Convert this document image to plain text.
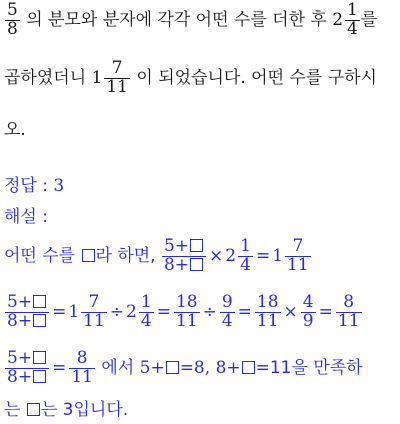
$\frac{5}{8}$ 의 분모와 분자에 각각 어떤 수를 더한 후 $2 \frac{1}{4}$ 를
곱하였더니 $1 \frac{7}{11}$ 이 되었습니다. 어떤 수를 구하시
오.
정답 : 3
해설 :
어떤 수를 라 하면, $\frac{5+}{8+} \times 2 \frac{1}{4} = 1 \frac{7}{11}$
$\frac{5+}{8+} = 1 \frac{7}{11} \div 2 \frac{1}{4} = \frac{18}{11} \div \frac{9}{4} = \frac{18}{11} \times \frac{4}{9} = \frac{8}{11}$
$\frac{5+}{8+} = \frac{8}{11}$ 에서 5+ =8, 8+ =11을 만족하
는 는 3입니다.
